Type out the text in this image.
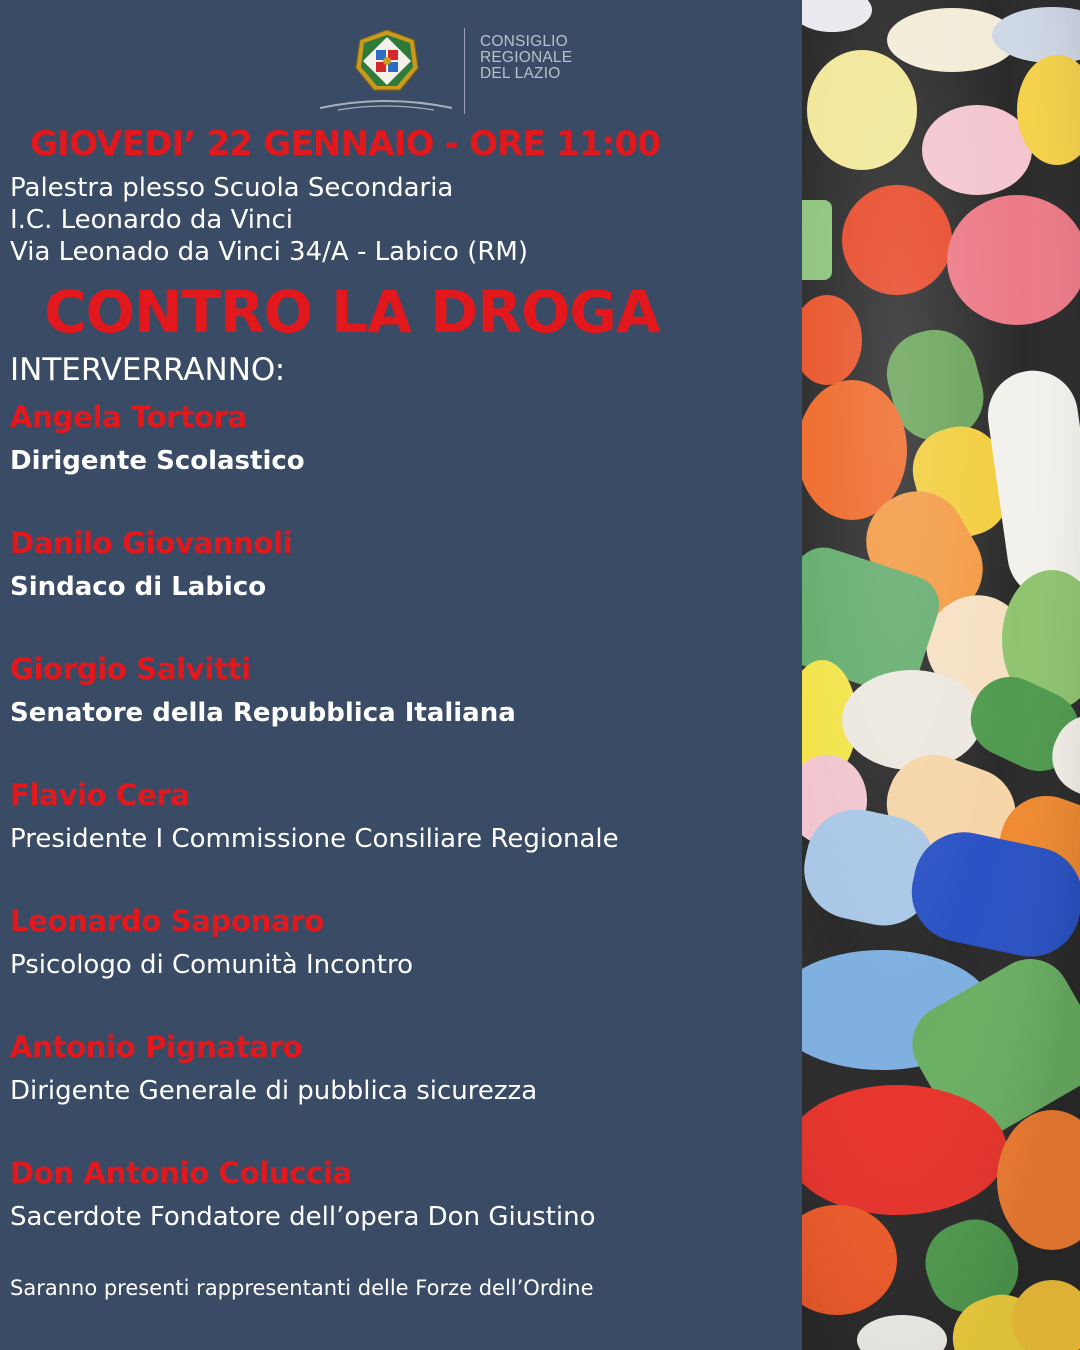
CONSIGLIO
REGIONALE
DEL LAZIO
GIOVEDI’ 22 GENNAIO - ORE 11:00
Palestra plesso Scuola Secondaria
I.C. Leonardo da Vinci
Via Leonado da Vinci 34/A - Labico (RM)
CONTRO LA DROGA
INTERVERRANNO:
Angela Tortora
Dirigente Scolastico
Danilo Giovannoli
Sindaco di Labico
Giorgio Salvitti
Senatore della Repubblica Italiana
Flavio Cera
Presidente I Commissione Consiliare Regionale
Leonardo Saponaro
Psicologo di Comunità Incontro
Antonio Pignataro
Dirigente Generale di pubblica sicurezza
Don Antonio Coluccia
Sacerdote Fondatore dell’opera Don Giustino
Saranno presenti rappresentanti delle Forze dell’Ordine
